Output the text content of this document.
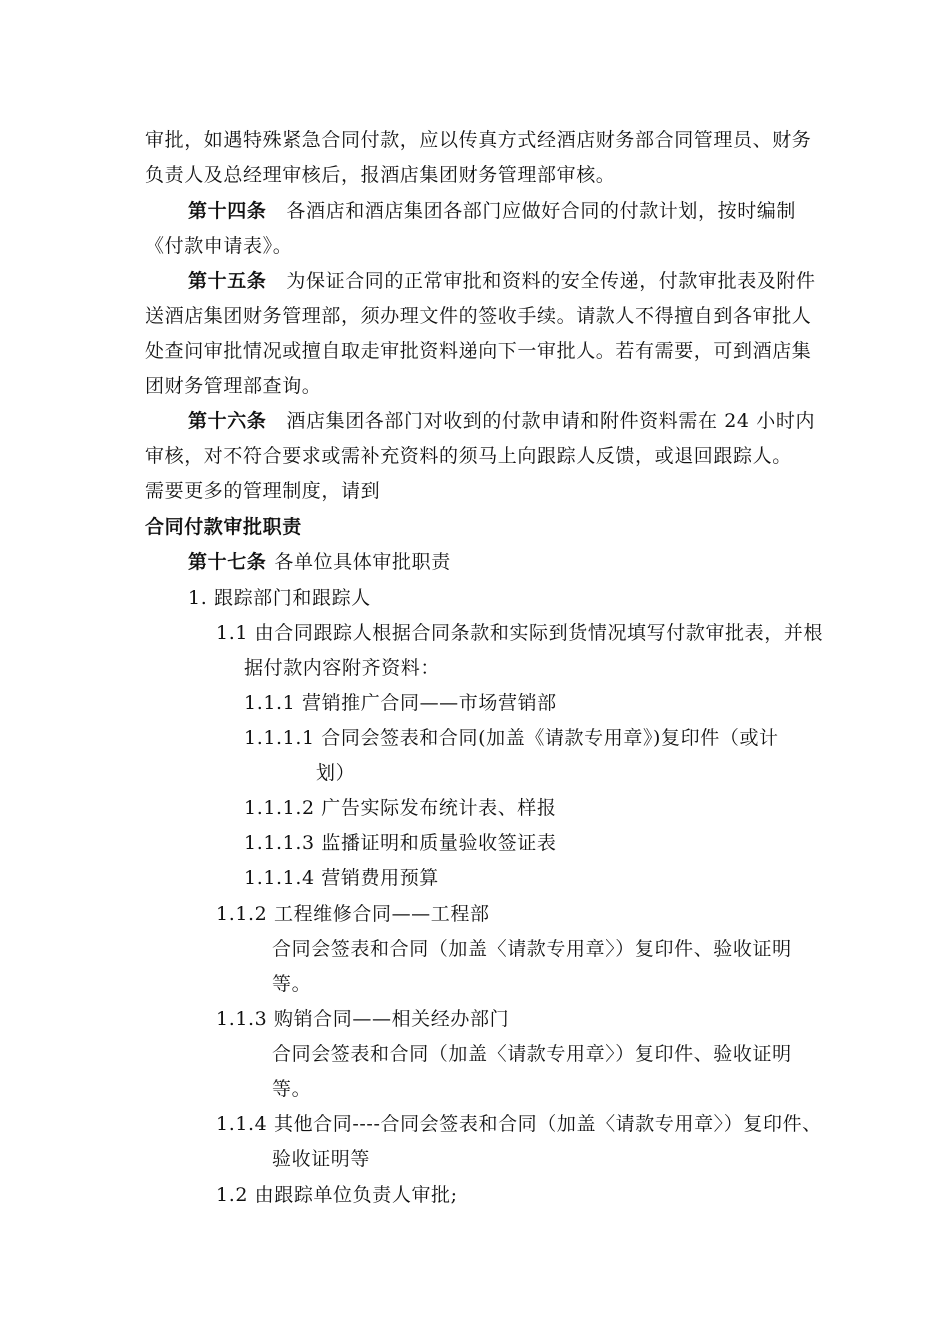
审批，如遇特殊紧急合同付款，应以传真方式经酒店财务部合同管理员、财务
负责人及总经理审核后，报酒店集团财务管理部审核。
第十四条 各酒店和酒店集团各部门应做好合同的付款计划，按时编制
《付款申请表》。
第十五条 为保证合同的正常审批和资料的安全传递，付款审批表及附件
送酒店集团财务管理部，须办理文件的签收手续。请款人不得擅自到各审批人
处查问审批情况或擅自取走审批资料递向下一审批人。若有需要，可到酒店集
团财务管理部查询。
第十六条 酒店集团各部门对收到的付款申请和附件资料需在 24 小时内
审核，对不符合要求或需补充资料的须马上向跟踪人反馈，或退回跟踪人。
需要更多的管理制度，请到
合同付款审批职责
第十七条 各单位具体审批职责
1. 跟踪部门和跟踪人
1.1 由合同跟踪人根据合同条款和实际到货情况填写付款审批表，并根
据付款内容附齐资料：
1.1.1 营销推广合同——市场营销部
1.1.1.1 合同会签表和合同(加盖《请款专用章》)复印件（或计
划）
1.1.1.2 广告实际发布统计表、样报
1.1.1.3 监播证明和质量验收签证表
1.1.1.4 营销费用预算
1.1.2 工程维修合同——工程部
合同会签表和合同（加盖〈请款专用章〉）复印件、验收证明
等。
1.1.3 购销合同——相关经办部门
合同会签表和合同（加盖〈请款专用章〉）复印件、验收证明
等。
1.1.4 其他合同----合同会签表和合同（加盖〈请款专用章〉）复印件、
验收证明等
1.2 由跟踪单位负责人审批;
